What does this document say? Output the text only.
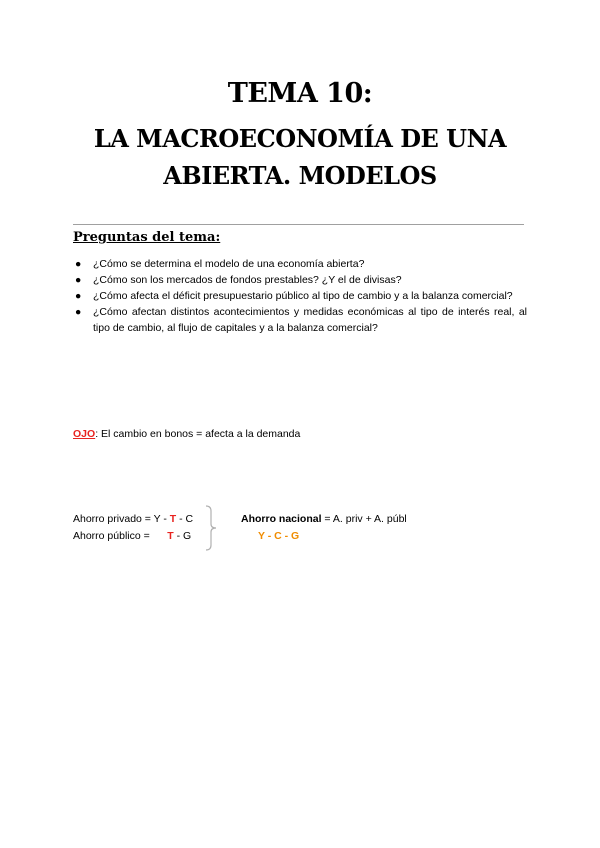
TEMA 10:
LA MACROECONOMÍA DE UNA
ABIERTA. MODELOS
Preguntas del tema:
● ¿Cómo se determina el modelo de una economía abierta?
● ¿Cómo son los mercados de fondos prestables? ¿Y el de divisas?
● ¿Cómo afecta el déficit presupuestario público al tipo de cambio y a la balanza comercial?
● ¿Cómo afectan distintos acontecimientos y medidas económicas al tipo de interés real, al tipo de cambio, al flujo de capitales y a la balanza comercial?
OJO: El cambio en bonos = afecta a la demanda
Ahorro privado = Y - T - C
Ahorro público =      T - G
Ahorro nacional = A. priv + A. públ
Y - C - G
